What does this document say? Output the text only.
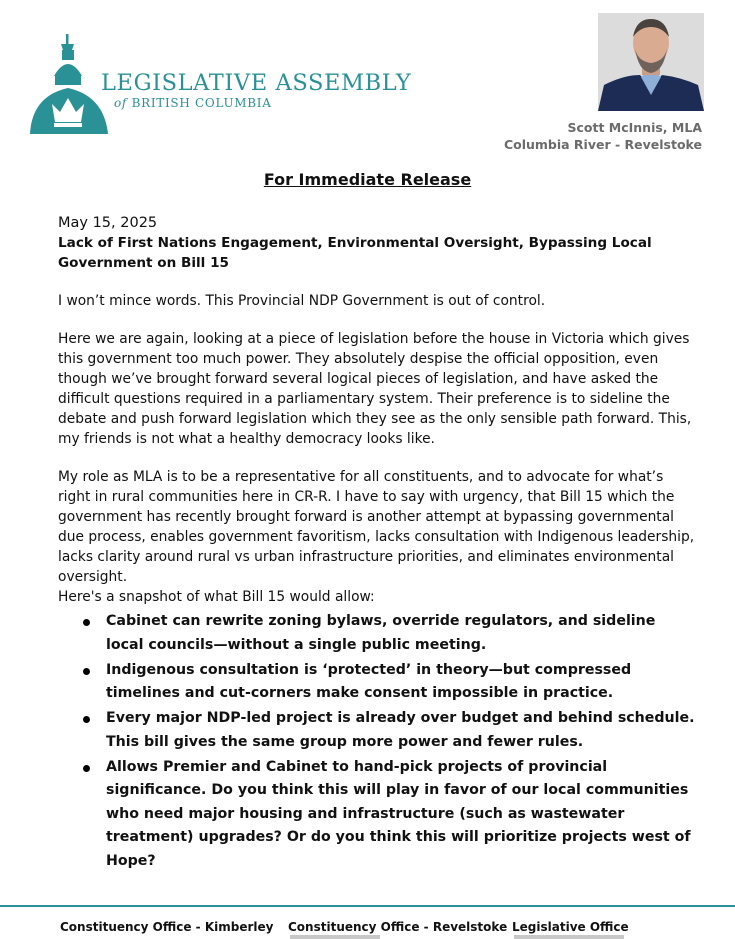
LEGISLATIVE ASSEMBLY
of BRITISH COLUMBIA
Scott McInnis, MLA
Columbia River - Revelstoke
For Immediate Release

May 15, 2025

Lack of First Nations Engagement, Environmental Oversight, Bypassing Local Government on Bill 15

I won’t mince words. This Provincial NDP Government is out of control.

Here we are again, looking at a piece of legislation before the house in Victoria which gives this government too much power. They absolutely despise the official opposition, even though we’ve brought forward several logical pieces of legislation, and have asked the difficult questions required in a parliamentary system. Their preference is to sideline the debate and push forward legislation which they see as the only sensible path forward. This, my friends is not what a healthy democracy looks like.

My role as MLA is to be a representative for all constituents, and to advocate for what’s right in rural communities here in CR-R. I have to say with urgency, that Bill 15 which the government has recently brought forward is another attempt at bypassing governmental due process, enables government favoritism, lacks consultation with Indigenous leadership, lacks clarity around rural vs urban infrastructure priorities, and eliminates environmental oversight.

Here's a snapshot of what Bill 15 would allow:

Cabinet can rewrite zoning bylaws, override regulators, and sideline local councils—without a single public meeting.
Indigenous consultation is ‘protected’ in theory—but compressed timelines and cut-corners make consent impossible in practice.
Every major NDP-led project is already over budget and behind schedule. This bill gives the same group more power and fewer rules.
Allows Premier and Cabinet to hand-pick projects of provincial significance. Do you think this will play in favor of our local communities who need major housing and infrastructure (such as wastewater treatment) upgrades? Or do you think this will prioritize projects west of Hope?
Constituency Office - Kimberley Constituency Office - Revelstoke Legislative Office
